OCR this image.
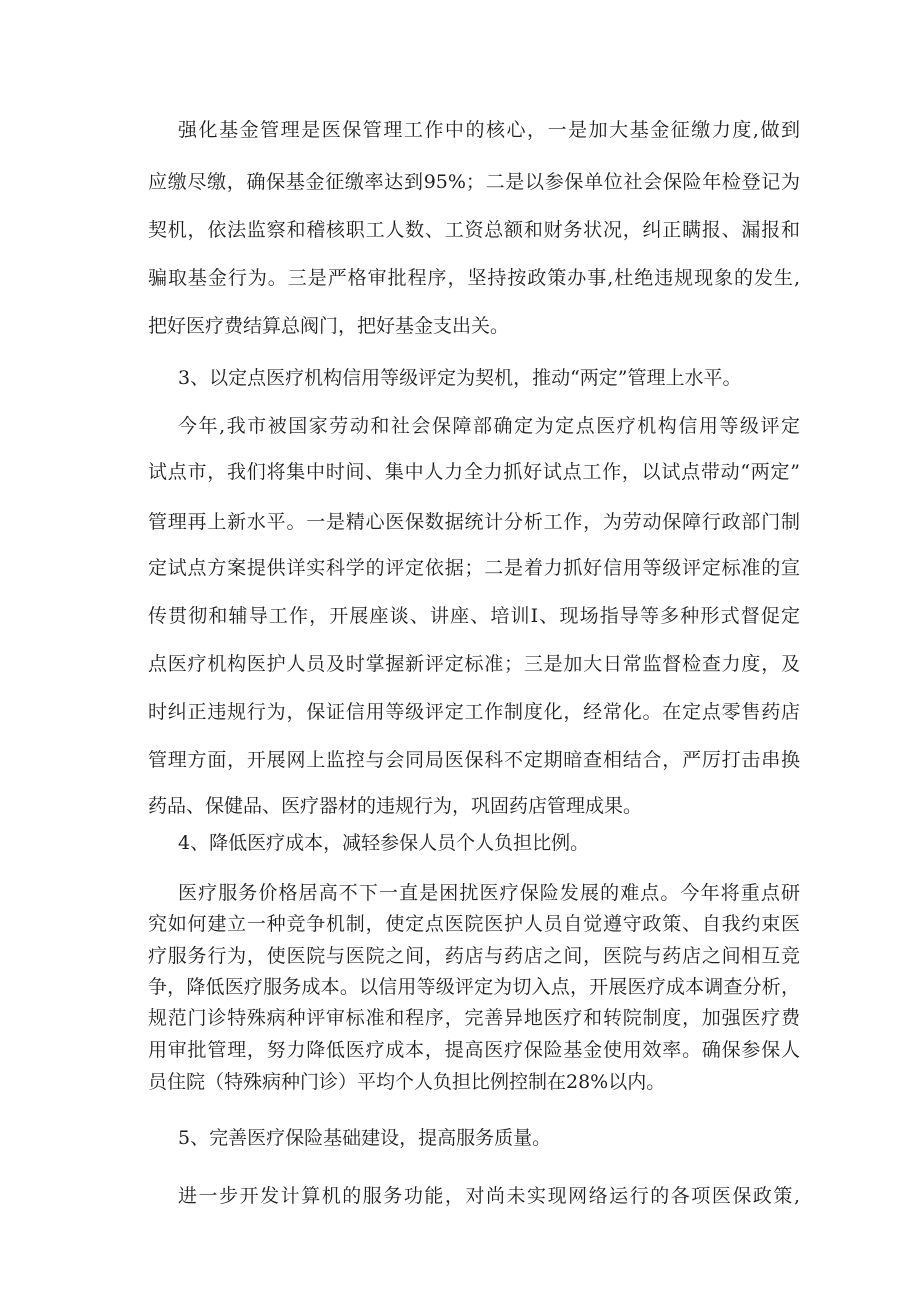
强化基金管理是医保管理工作中的核心，一是加大基金征缴力度,做到
应缴尽缴，确保基金征缴率达到95%；二是以参保单位社会保险年检登记为
契机，依法监察和稽核职工人数、工资总额和财务状况，纠正瞒报、漏报和
骗取基金行为。三是严格审批程序，坚持按政策办事,杜绝违规现象的发生,
把好医疗费结算总阀门，把好基金支出关。
3、以定点医疗机构信用等级评定为契机，推动“两定”管理上水平。
今年,我市被国家劳动和社会保障部确定为定点医疗机构信用等级评定
试点市，我们将集中时间、集中人力全力抓好试点工作，以试点带动“两定”
管理再上新水平。一是精心医保数据统计分析工作，为劳动保障行政部门制
定试点方案提供详实科学的评定依据；二是着力抓好信用等级评定标准的宣
传贯彻和辅导工作，开展座谈、讲座、培训I、现场指导等多种形式督促定
点医疗机构医护人员及时掌握新评定标准；三是加大日常监督检查力度，及
时纠正违规行为，保证信用等级评定工作制度化，经常化。在定点零售药店
管理方面，开展网上监控与会同局医保科不定期暗查相结合，严厉打击串换
药品、保健品、医疗器材的违规行为，巩固药店管理成果。
4、降低医疗成本，减轻参保人员个人负担比例。
医疗服务价格居高不下一直是困扰医疗保险发展的难点。今年将重点研
究如何建立一种竞争机制，使定点医院医护人员自觉遵守政策、自我约束医
疗服务行为，使医院与医院之间，药店与药店之间，医院与药店之间相互竞
争，降低医疗服务成本。以信用等级评定为切入点，开展医疗成本调查分析，
规范门诊特殊病种评审标准和程序，完善异地医疗和转院制度，加强医疗费
用审批管理，努力降低医疗成本，提高医疗保险基金使用效率。确保参保人
员住院（特殊病种门诊）平均个人负担比例控制在28%以内。
5、完善医疗保险基础建设，提高服务质量。
进一步开发计算机的服务功能，对尚未实现网络运行的各项医保政策,
